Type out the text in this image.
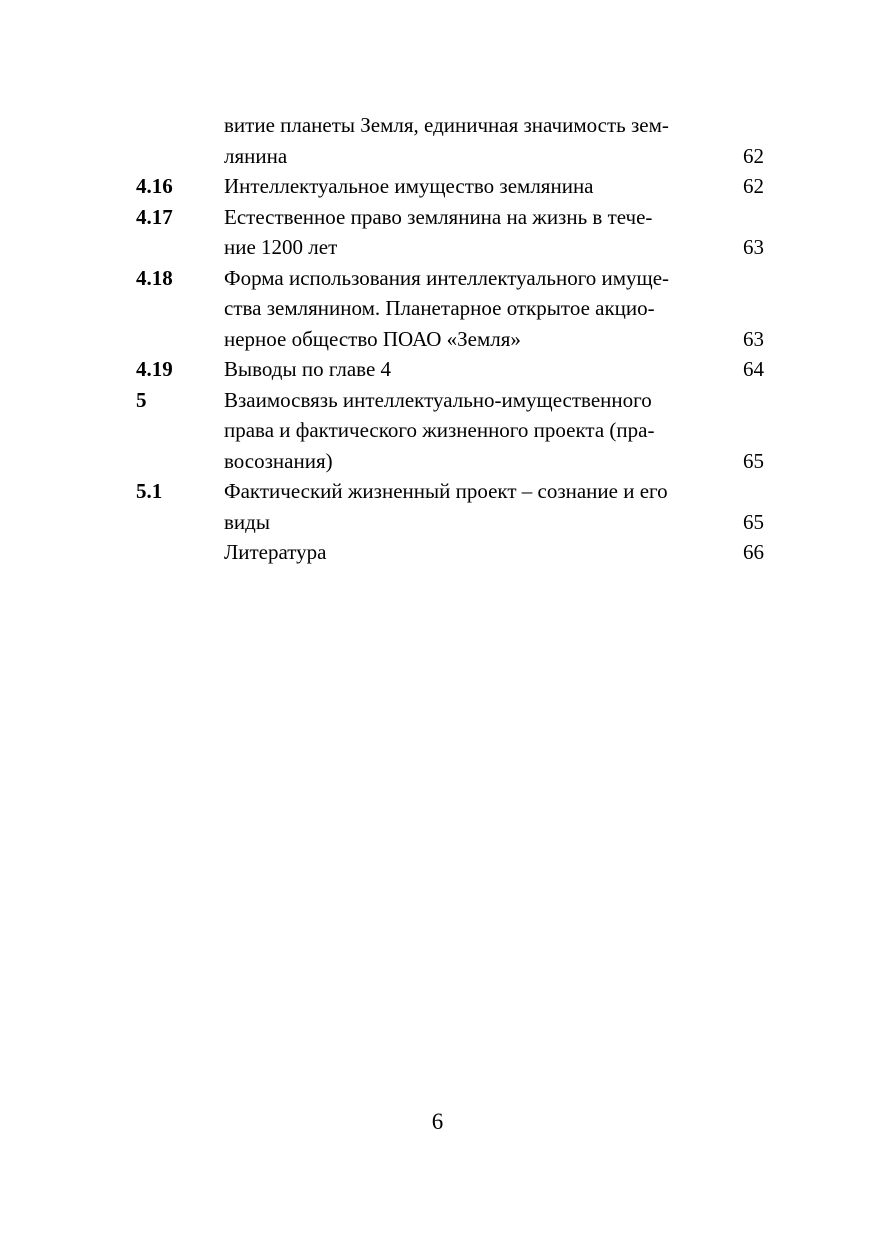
витие планеты Земля, единичная значимость зем-
лянина	62
4.16 Интеллектуальное имущество землянина	62
4.17 Естественное право землянина на жизнь в тече-
ние 1200 лет	63
4.18 Форма использования интеллектуального имуще-
ства землянином. Планетарное открытое акцио-
нерное общество ПОАО «Земля»	63
4.19 Выводы по главе 4	64
5	Взаимосвязь интеллектуально-имущественного
права и фактического жизненного проекта (пра-
восознания)	65
5.1	Фактический жизненный проект – сознание и его
виды	65
Литература	66
6
